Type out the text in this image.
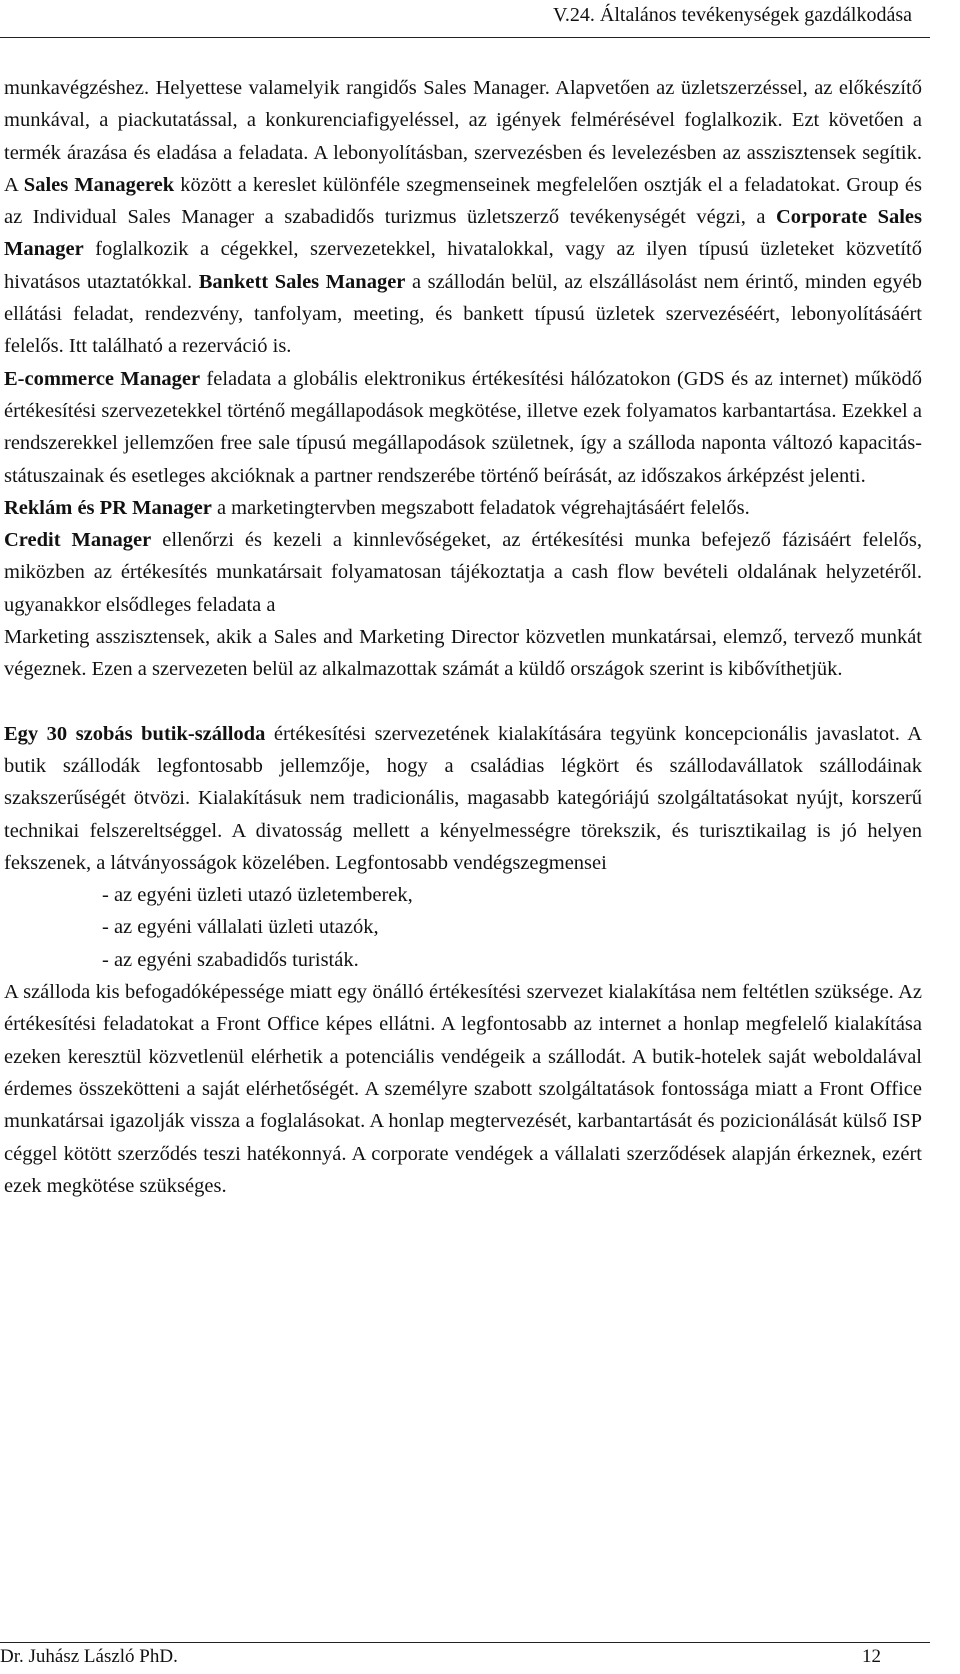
V.24. Általános tevékenységek gazdálkodása

munkavégzéshez. Helyettese valamelyik rangidős Sales Manager. Alapvetően az üzletszerzéssel, az előkészítő munkával, a piackutatással, a konkurenciafigyeléssel, az igények felmérésével foglalkozik. Ezt követően a termék árazása és eladása a feladata. A lebonyolításban, szervezésben és levelezésben az asszisztensek segítik. A Sales Managerek között a kereslet különféle szegmenseinek megfelelően osztják el a feladatokat. Group és az Individual Sales Manager a szabadidős turizmus üzletszerző tevékenységét végzi, a Corporate Sales Manager foglalkozik a cégekkel, szervezetekkel, hivatalokkal, vagy az ilyen típusú üzleteket közvetítő hivatásos utaztatókkal. Bankett Sales Manager a szállodán belül, az elszállásolást nem érintő, minden egyéb ellátási feladat, rendezvény, tanfolyam, meeting, és bankett típusú üzletek szervezéséért, lebonyolításáért felelős. Itt található a rezerváció is.

E-commerce Manager feladata a globális elektronikus értékesítési hálózatokon (GDS és az internet) működő értékesítési szervezetekkel történő megállapodások megkötése, illetve ezek folyamatos karbantartása. Ezekkel a rendszerekkel jellemzően free sale típusú megállapodások születnek, így a szálloda naponta változó kapacitás-státuszainak és esetleges akcióknak a partner rendszerébe történő beírását, az időszakos árképzést jelenti.

Reklám és PR Manager a marketingtervben megszabott feladatok végrehajtásáért felelős.

Credit Manager ellenőrzi és kezeli a kinnlevőségeket, az értékesítési munka befejező fázisáért felelős, miközben az értékesítés munkatársait folyamatosan tájékoztatja a cash flow bevételi oldalának helyzetéről. ugyanakkor elsődleges feladata a

Marketing asszisztensek, akik a Sales and Marketing Director közvetlen munkatársai, elemző, tervező munkát végeznek. Ezen a szervezeten belül az alkalmazottak számát a küldő országok szerint is kibővíthetjük.

Egy 30 szobás butik-szálloda értékesítési szervezetének kialakítására tegyünk koncepcionális javaslatot. A butik szállodák legfontosabb jellemzője, hogy a családias légkört és szállodavállatok szállodáinak szakszerűségét ötvözi. Kialakításuk nem tradicionális, magasabb kategóriájú szolgáltatásokat nyújt, korszerű technikai felszereltséggel. A divatosság mellett a kényelmességre törekszik, és turisztikailag is jó helyen fekszenek, a látványosságok közelében. Legfontosabb vendégszegmensei

- az egyéni üzleti utazó üzletemberek,
- az egyéni vállalati üzleti utazók,
- az egyéni szabadidős turisták.

A szálloda kis befogadóképessége miatt egy önálló értékesítési szervezet kialakítása nem feltétlen szüksége. Az értékesítési feladatokat a Front Office képes ellátni. A legfontosabb az internet a honlap megfelelő kialakítása ezeken keresztül közvetlenül elérhetik a potenciális vendégeik a szállodát. A butik-hotelek saját weboldalával érdemes összekötteni a saját elérhetőségét. A személyre szabott szolgáltatások fontossága miatt a Front Office munkatársai igazolják vissza a foglalásokat. A honlap megtervezését, karbantartását és pozicionálását külső ISP céggel kötött szerződés teszi hatékonnyá. A corporate vendégek a vállalati szerződések alapján érkeznek, ezért ezek megkötése szükséges.

Dr. Juhász László PhD.	12
